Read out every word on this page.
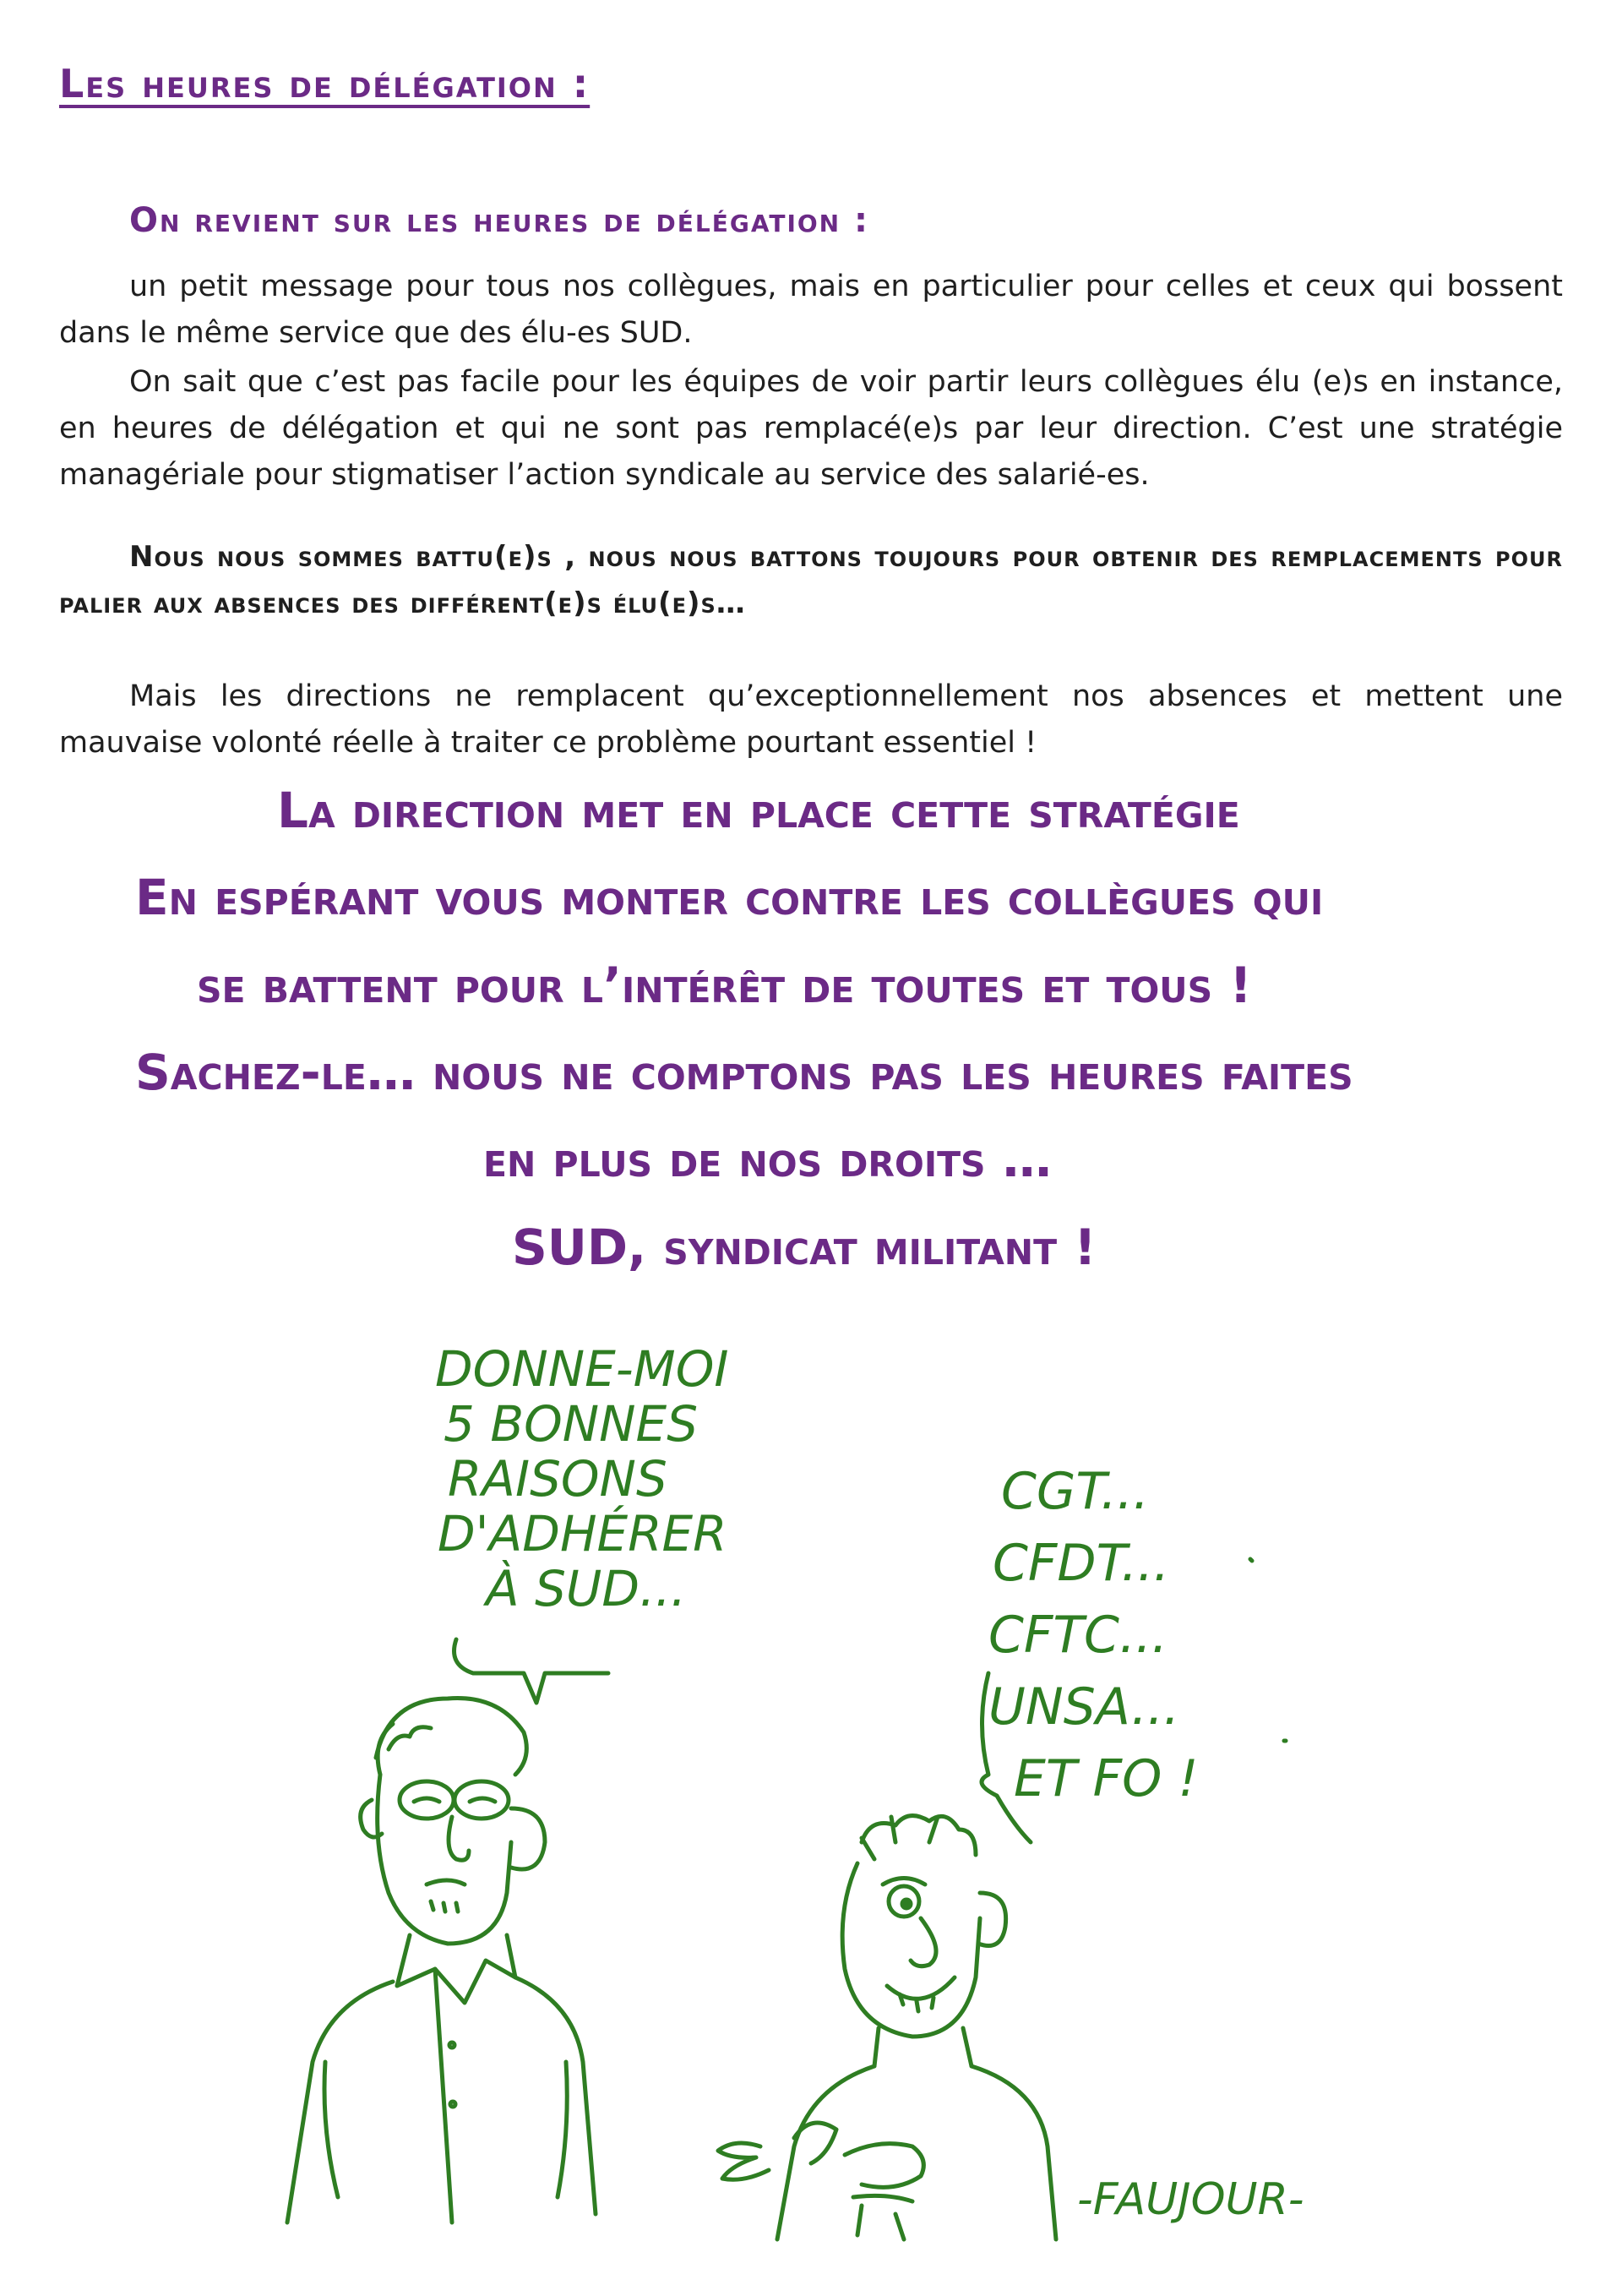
Les heures de délégation :
On revient sur les heures de délégation :

un petit message pour tous nos collègues, mais en particulier pour celles et ceux qui bossent dans le même service que des élu-es SUD.

On sait que c’est pas facile pour les équipes de voir partir leurs collègues élu (e)s en instance, en heures de délégation et qui ne sont pas remplacé(e)s par leur direction. C’est une stratégie managériale pour stigmatiser l’action syndicale au service des salarié-es.

Nous nous sommes battu(e)s , nous nous battons toujours pour obtenir des remplacements pour palier aux absences des différent(e)s élu(e)s…

Mais les directions ne remplacent qu’exceptionnellement nos absences et mettent une mauvaise volonté réelle à traiter ce problème pourtant essentiel !

La direction met en place cette stratégie

En espérant vous monter contre les collègues qui

se battent pour l’intérêt de toutes et tous !

Sachez-le… nous ne comptons pas les heures faites

en plus de nos droits …

SUD, syndicat militant !

DONNE-MOI
5 BONNES
RAISONS
D'ADHÉRER
À SUD...
CGT...
CFDT...
CFTC...
UNSA...
ET FO !
-FAUJOUR-
